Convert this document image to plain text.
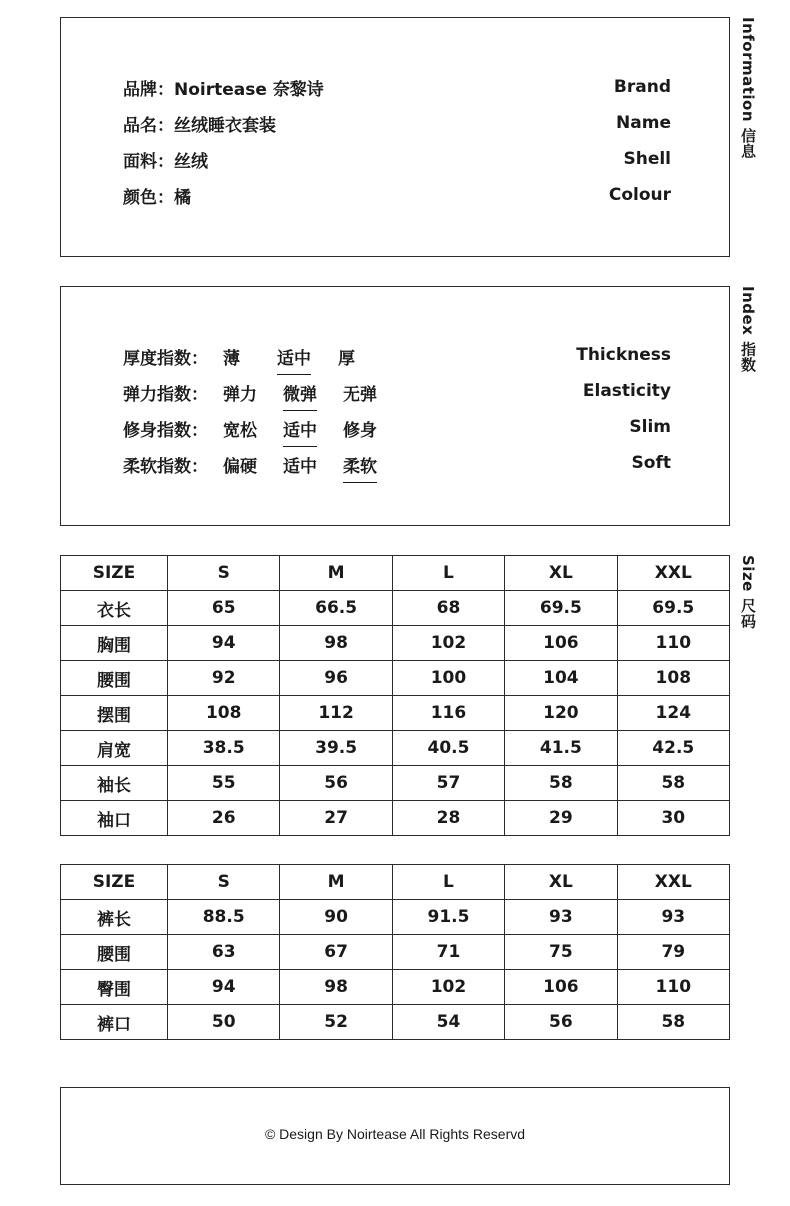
品牌：Noirtease 奈黎诗	Brand
品名：丝绒睡衣套装	Name
面料：丝绒	Shell
颜色：橘	Colour
Information 信息
厚度指数： 薄 适中 厚	Thickness
弹力指数： 弹力 微弹 无弹	Elasticity
修身指数： 宽松 适中 修身	Slim
柔软指数： 偏硬 适中 柔软	Soft
Index 指数
SIZE	S	M	L	XL	XXL
衣长	65	66.5	68	69.5	69.5
胸围	94	98	102	106	110
腰围	92	96	100	104	108
摆围	108	112	116	120	124
肩宽	38.5	39.5	40.5	41.5	42.5
袖长	55	56	57	58	58
袖口	26	27	28	29	30
Size 尺码
SIZE	S	M	L	XL	XXL
裤长	88.5	90	91.5	93	93
腰围	63	67	71	75	79
臀围	94	98	102	106	110
裤口	50	52	54	56	58
© Design By Noirtease All Rights Reservd
